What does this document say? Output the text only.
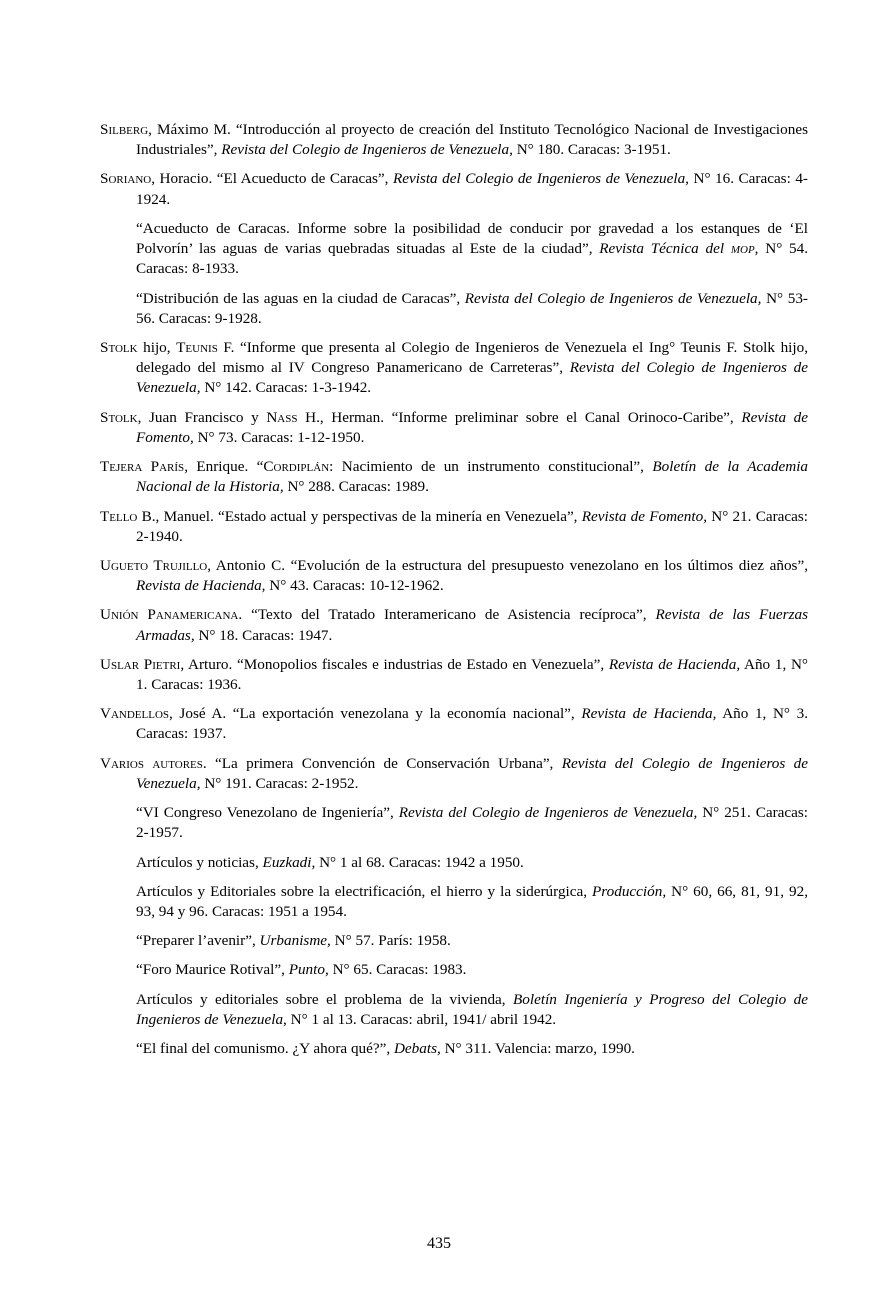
Silberg, Máximo M. “Introducción al proyecto de creación del Instituto Tecnológico Nacional de Investigaciones Industriales”, Revista del Colegio de Ingenieros de Venezuela, N° 180. Caracas: 3-1951.
Soriano, Horacio. “El Acueducto de Caracas”, Revista del Colegio de Ingenieros de Venezuela, N° 16. Caracas: 4-1924.
“Acueducto de Caracas. Informe sobre la posibilidad de conducir por gravedad a los estanques de ‘El Polvorín’ las aguas de varias quebradas situadas al Este de la ciudad”, Revista Técnica del mop, N° 54. Caracas: 8-1933.
“Distribución de las aguas en la ciudad de Caracas”, Revista del Colegio de Ingenieros de Venezuela, N° 53-56. Caracas: 9-1928.
Stolk hijo, Teunis F. “Informe que presenta al Colegio de Ingenieros de Venezuela el Ing° Teunis F. Stolk hijo, delegado del mismo al IV Congreso Panamericano de Carreteras”, Revista del Colegio de Ingenieros de Venezuela, N° 142. Caracas: 1-3-1942.
Stolk, Juan Francisco y Nass H., Herman. “Informe preliminar sobre el Canal Orinoco-Caribe”, Revista de Fomento, N° 73. Caracas: 1-12-1950.
Tejera París, Enrique. “Cordiplán: Nacimiento de un instrumento constitucional”, Boletín de la Academia Nacional de la Historia, N° 288. Caracas: 1989.
Tello B., Manuel. “Estado actual y perspectivas de la minería en Venezuela”, Revista de Fomento, N° 21. Caracas: 2-1940.
Ugueto Trujillo, Antonio C. “Evolución de la estructura del presupuesto venezolano en los últimos diez años”, Revista de Hacienda, N° 43. Caracas: 10-12-1962.
Unión Panamericana. “Texto del Tratado Interamericano de Asistencia recíproca”, Revista de las Fuerzas Armadas, N° 18. Caracas: 1947.
Uslar Pietri, Arturo. “Monopolios fiscales e industrias de Estado en Venezuela”, Revista de Hacienda, Año 1, N° 1. Caracas: 1936.
Vandellos, José A. “La exportación venezolana y la economía nacional”, Revista de Hacienda, Año 1, N° 3. Caracas: 1937.
Varios autores. “La primera Convención de Conservación Urbana”, Revista del Colegio de Ingenieros de Venezuela, N° 191. Caracas: 2-1952.
“VI Congreso Venezolano de Ingeniería”, Revista del Colegio de Ingenieros de Venezuela, N° 251. Caracas: 2-1957.
Artículos y noticias, Euzkadi, N° 1 al 68. Caracas: 1942 a 1950.
Artículos y Editoriales sobre la electrificación, el hierro y la siderúrgica, Producción, N° 60, 66, 81, 91, 92, 93, 94 y 96. Caracas: 1951 a 1954.
“Preparer l’avenir”, Urbanisme, N° 57. París: 1958.
“Foro Maurice Rotival”, Punto, N° 65. Caracas: 1983.
Artículos y editoriales sobre el problema de la vivienda, Boletín Ingeniería y Progreso del Colegio de Ingenieros de Venezuela, N° 1 al 13. Caracas: abril, 1941/ abril 1942.
“El final del comunismo. ¿Y ahora qué?”, Debats, N° 311. Valencia: marzo, 1990.
435
